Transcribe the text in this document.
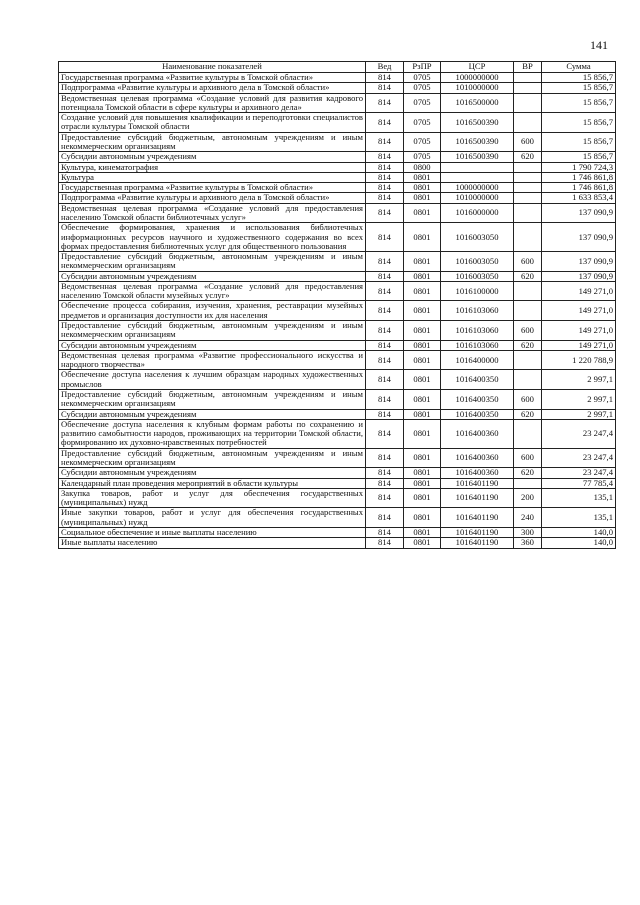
141
Наименование показателей	Вед	РзПР	ЦСР	ВР	Сумма
Государственная программа «Развитие культуры в Томской области»	814	0705	1000000000		15 856,7
Подпрограмма «Развитие культуры и архивного дела в Томской области»	814	0705	1010000000		15 856,7
Ведомственная целевая программа «Создание условий для развития кадрового потенциала Томской области в сфере культуры и архивного дела»	814	0705	1016500000		15 856,7
Создание условий для повышения квалификации и переподготовки специалистов отрасли культуры Томской области	814	0705	1016500390		15 856,7
Предоставление субсидий бюджетным, автономным учреждениям и иным некоммерческим организациям	814	0705	1016500390	600	15 856,7
Субсидии автономным учреждениям	814	0705	1016500390	620	15 856,7
Культура, кинематография	814	0800			1 790 724,3
Культура	814	0801			1 746 861,8
Государственная программа «Развитие культуры в Томской области»	814	0801	1000000000		1 746 861,8
Подпрограмма «Развитие культуры и архивного дела в Томской области»	814	0801	1010000000		1 633 853,4
Ведомственная целевая программа «Создание условий для предоставления населению Томской области библиотечных услуг»	814	0801	1016000000		137 090,9
Обеспечение формирования, хранения и использования библиотечных информационных ресурсов научного и художественного содержания во всех формах предоставления библиотечных услуг для общественного пользования	814	0801	1016003050		137 090,9
Предоставление субсидий бюджетным, автономным учреждениям и иным некоммерческим организациям	814	0801	1016003050	600	137 090,9
Субсидии автономным учреждениям	814	0801	1016003050	620	137 090,9
Ведомственная целевая программа «Создание условий для предоставления населению Томской области музейных услуг»	814	0801	1016100000		149 271,0
Обеспечение процесса собирания, изучения, хранения, реставрации музейных предметов и организация доступности их для населения	814	0801	1016103060		149 271,0
Предоставление субсидий бюджетным, автономным учреждениям и иным некоммерческим организациям	814	0801	1016103060	600	149 271,0
Субсидии автономным учреждениям	814	0801	1016103060	620	149 271,0
Ведомственная целевая программа «Развитие профессионального искусства и народного творчества»	814	0801	1016400000		1 220 788,9
Обеспечение доступа населения к лучшим образцам народных художественных промыслов	814	0801	1016400350		2 997,1
Предоставление субсидий бюджетным, автономным учреждениям и иным некоммерческим организациям	814	0801	1016400350	600	2 997,1
Субсидии автономным учреждениям	814	0801	1016400350	620	2 997,1
Обеспечение доступа населения к клубным формам работы по сохранению и развитию самобытности народов, проживающих на территории Томской области, формированию их духовно-нравственных потребностей	814	0801	1016400360		23 247,4
Предоставление субсидий бюджетным, автономным учреждениям и иным некоммерческим организациям	814	0801	1016400360	600	23 247,4
Субсидии автономным учреждениям	814	0801	1016400360	620	23 247,4
Календарный план проведения мероприятий в области культуры	814	0801	1016401190		77 785,4
Закупка товаров, работ и услуг для обеспечения государственных (муниципальных) нужд	814	0801	1016401190	200	135,1
Иные закупки товаров, работ и услуг для обеспечения государственных (муниципальных) нужд	814	0801	1016401190	240	135,1
Социальное обеспечение и иные выплаты населению	814	0801	1016401190	300	140,0
Иные выплаты населению	814	0801	1016401190	360	140,0
